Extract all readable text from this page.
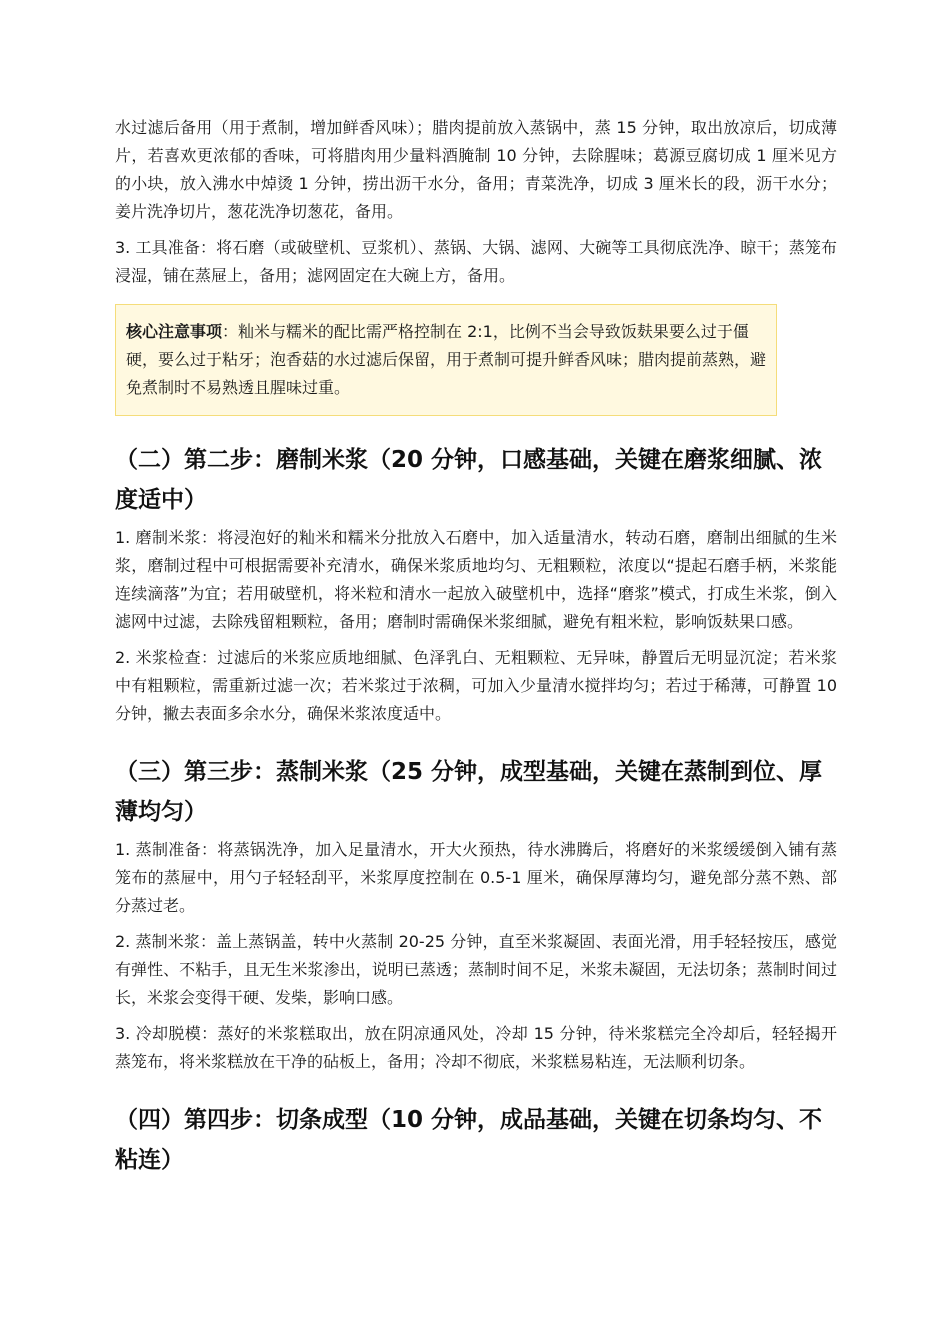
水过滤后备用（用于煮制，增加鲜香风味）；腊肉提前放入蒸锅中，蒸 15 分钟，取出放凉后，切成薄片，若喜欢更浓郁的香味，可将腊肉用少量料酒腌制 10 分钟，去除腥味；葛源豆腐切成 1 厘米见方的小块，放入沸水中焯烫 1 分钟，捞出沥干水分，备用；青菜洗净，切成 3 厘米长的段，沥干水分；姜片洗净切片，葱花洗净切葱花，备用。

3. 工具准备：将石磨（或破壁机、豆浆机）、蒸锅、大锅、滤网、大碗等工具彻底洗净、晾干；蒸笼布浸湿，铺在蒸屉上，备用；滤网固定在大碗上方，备用。

核心注意事项：籼米与糯米的配比需严格控制在 2:1，比例不当会导致饭麸果要么过于僵硬，要么过于粘牙；泡香菇的水过滤后保留，用于煮制可提升鲜香风味；腊肉提前蒸熟，避免煮制时不易熟透且腥味过重。
（二）第二步：磨制米浆（20 分钟，口感基础，关键在磨浆细腻、浓度适中）

1. 磨制米浆：将浸泡好的籼米和糯米分批放入石磨中，加入适量清水，转动石磨，磨制出细腻的生米浆，磨制过程中可根据需要补充清水，确保米浆质地均匀、无粗颗粒，浓度以“提起石磨手柄，米浆能连续滴落”为宜；若用破壁机，将米粒和清水一起放入破壁机中，选择“磨浆”模式，打成生米浆，倒入滤网中过滤，去除残留粗颗粒，备用；磨制时需确保米浆细腻，避免有粗米粒，影响饭麸果口感。

2. 米浆检查：过滤后的米浆应质地细腻、色泽乳白、无粗颗粒、无异味，静置后无明显沉淀；若米浆中有粗颗粒，需重新过滤一次；若米浆过于浓稠，可加入少量清水搅拌均匀；若过于稀薄，可静置 10 分钟，撇去表面多余水分，确保米浆浓度适中。

（三）第三步：蒸制米浆（25 分钟，成型基础，关键在蒸制到位、厚薄均匀）

1. 蒸制准备：将蒸锅洗净，加入足量清水，开大火预热，待水沸腾后，将磨好的米浆缓缓倒入铺有蒸笼布的蒸屉中，用勺子轻轻刮平，米浆厚度控制在 0.5-1 厘米，确保厚薄均匀，避免部分蒸不熟、部分蒸过老。

2. 蒸制米浆：盖上蒸锅盖，转中火蒸制 20-25 分钟，直至米浆凝固、表面光滑，用手轻轻按压，感觉有弹性、不粘手，且无生米浆渗出，说明已蒸透；蒸制时间不足，米浆未凝固，无法切条；蒸制时间过长，米浆会变得干硬、发柴，影响口感。

3. 冷却脱模：蒸好的米浆糕取出，放在阴凉通风处，冷却 15 分钟，待米浆糕完全冷却后，轻轻揭开蒸笼布，将米浆糕放在干净的砧板上，备用；冷却不彻底，米浆糕易粘连，无法顺利切条。

（四）第四步：切条成型（10 分钟，成品基础，关键在切条均匀、不粘连）
